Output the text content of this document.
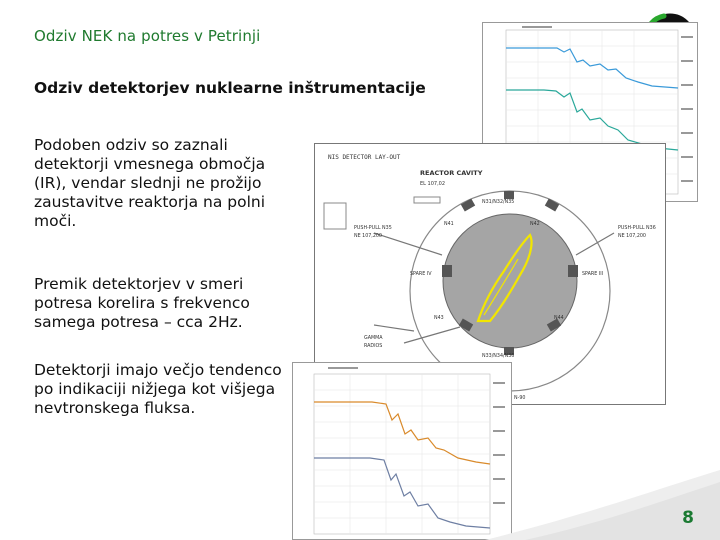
Odziv NEK na potres v Petrinji
Odziv detektorjev nuklearne inštrumentacije
Podoben odziv so zaznali detektorji vmesnega območja (IR), vendar slednji ne prožijo zaustavitve reaktorja na polni moči.
Premik detektorjev v smeri potresa korelira s frekvenco samega potresa – cca 2Hz.
Detektorji imajo večjo tendenco po indikaciji nižjega kot višjega nevtronskega fluksa.
NIS DETECTOR LAY-OUT
REACTOR CAVITY
EL 107,02
PUSH-PULL N35
NE 107,200
PUSH-PULL N36
NE 107,200
N41	N42
N43	N44
SPARE IV	SPARE III
N31/N32/N35
N33/N34/N36
GAMMA
RADIOS
N-90
8
